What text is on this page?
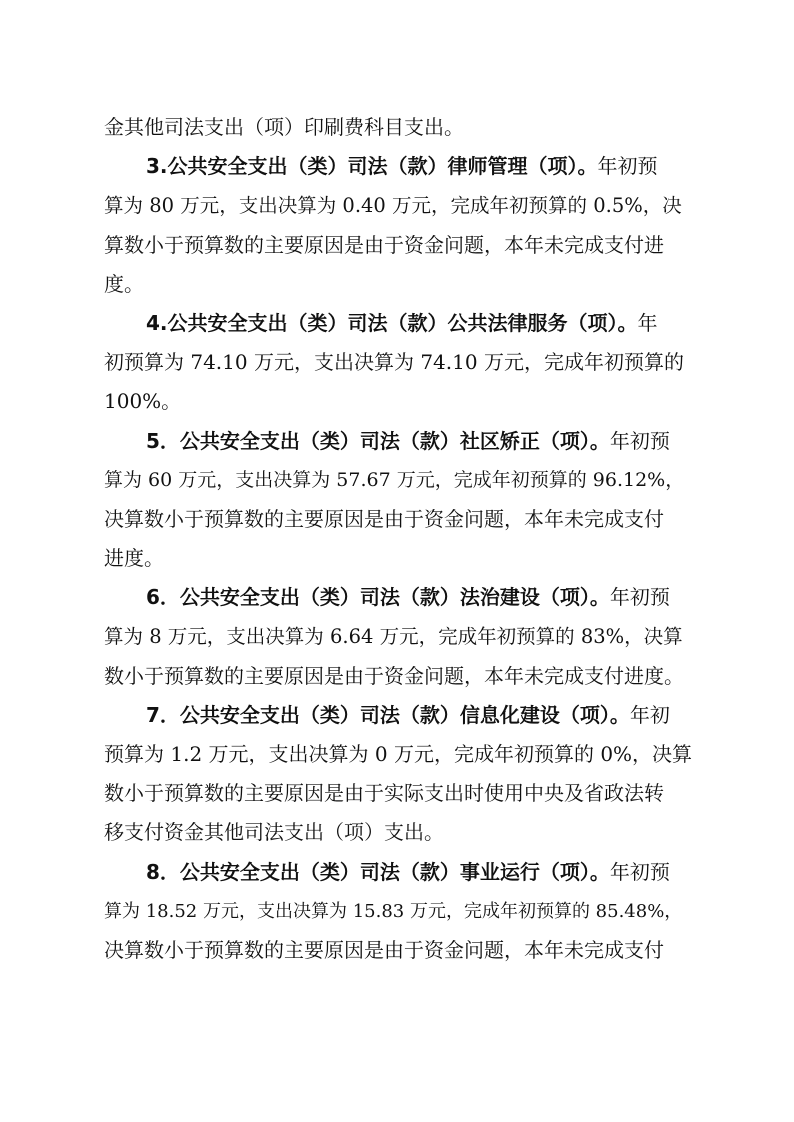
金其他司法支出（项）印刷费科目支出。
3.公共安全支出（类）司法（款）律师管理（项）。年初预
算为 80 万元，支出决算为 0.40 万元，完成年初预算的 0.5%，决
算数小于预算数的主要原因是由于资金问题，本年未完成支付进
度。
4.公共安全支出（类）司法（款）公共法律服务（项）。年
初预算为 74.10 万元，支出决算为 74.10 万元，完成年初预算的
100%。
5．公共安全支出（类）司法（款）社区矫正（项）。年初预
算为 60 万元，支出决算为 57.67 万元，完成年初预算的 96.12%，
决算数小于预算数的主要原因是由于资金问题，本年未完成支付
进度。
6．公共安全支出（类）司法（款）法治建设（项）。年初预
算为 8 万元，支出决算为 6.64 万元，完成年初预算的 83%，决算
数小于预算数的主要原因是由于资金问题，本年未完成支付进度。
7．公共安全支出（类）司法（款）信息化建设（项）。年初
预算为 1.2 万元，支出决算为 0 万元，完成年初预算的 0%，决算
数小于预算数的主要原因是由于实际支出时使用中央及省政法转
移支付资金其他司法支出（项）支出。
8．公共安全支出（类）司法（款）事业运行（项）。年初预
算为 18.52 万元，支出决算为 15.83 万元，完成年初预算的 85.48%，
决算数小于预算数的主要原因是由于资金问题，本年未完成支付
